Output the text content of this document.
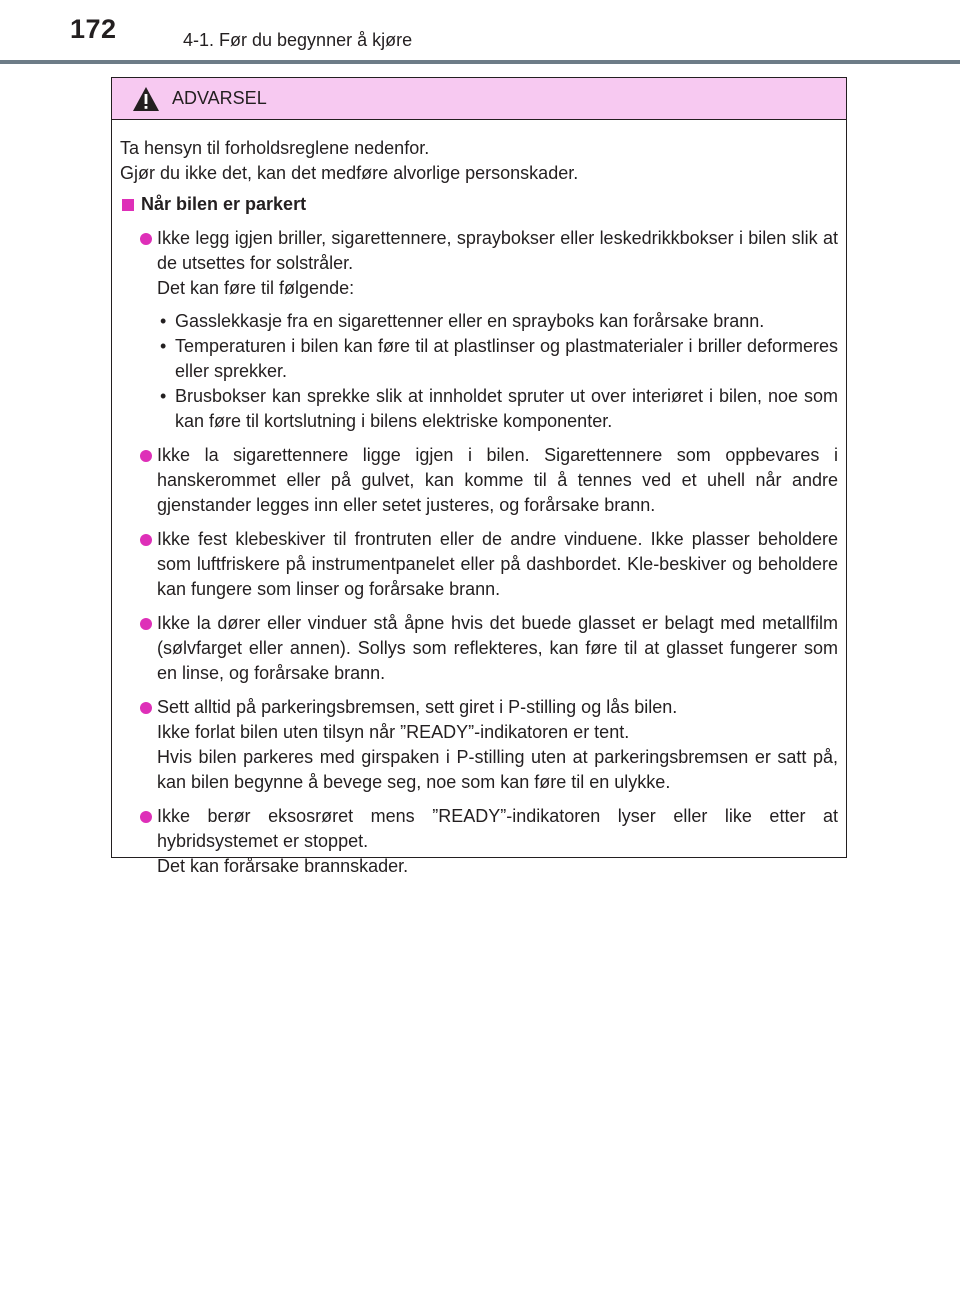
172	4-1. Før du begynner å kjøre
ADVARSEL

Ta hensyn til forholdsreglene nedenfor.

Gjør du ikke det, kan det medføre alvorlige personskader.

Når bilen er parkert

Ikke legg igjen briller, sigarettennere, spraybokser eller leskedrikkbokser i bilen slik at de utsettes for solstråler.

Det kan føre til følgende:

• Gasslekkasje fra en sigarettenner eller en sprayboks kan forårsake brann.

• Temperaturen i bilen kan føre til at plastlinser og plastmaterialer i briller deformeres eller sprekker.

• Brusbokser kan sprekke slik at innholdet spruter ut over interiøret i bilen, noe som kan føre til kortslutning i bilens elektriske komponenter.

Ikke la sigarettennere ligge igjen i bilen. Sigarettennere som oppbevares i hanskerommet eller på gulvet, kan komme til å tennes ved et uhell når andre gjenstander legges inn eller setet justeres, og forårsake brann.

Ikke fest klebeskiver til frontruten eller de andre vinduene. Ikke plasser beholdere som luftfriskere på instrumentpanelet eller på dashbordet. Kle-beskiver og beholdere kan fungere som linser og forårsake brann.

Ikke la dører eller vinduer stå åpne hvis det buede glasset er belagt med metallfilm (sølvfarget eller annen). Sollys som reflekteres, kan føre til at glasset fungerer som en linse, og forårsake brann.

Sett alltid på parkeringsbremsen, sett giret i P-stilling og lås bilen.

Ikke forlat bilen uten tilsyn når ”READY”-indikatoren er tent.

Hvis bilen parkeres med girspaken i P-stilling uten at parkeringsbremsen er satt på, kan bilen begynne å bevege seg, noe som kan føre til en ulykke.

Ikke berør eksosrøret mens ”READY”-indikatoren lyser eller like etter at hybridsystemet er stoppet.

Det kan forårsake brannskader.
